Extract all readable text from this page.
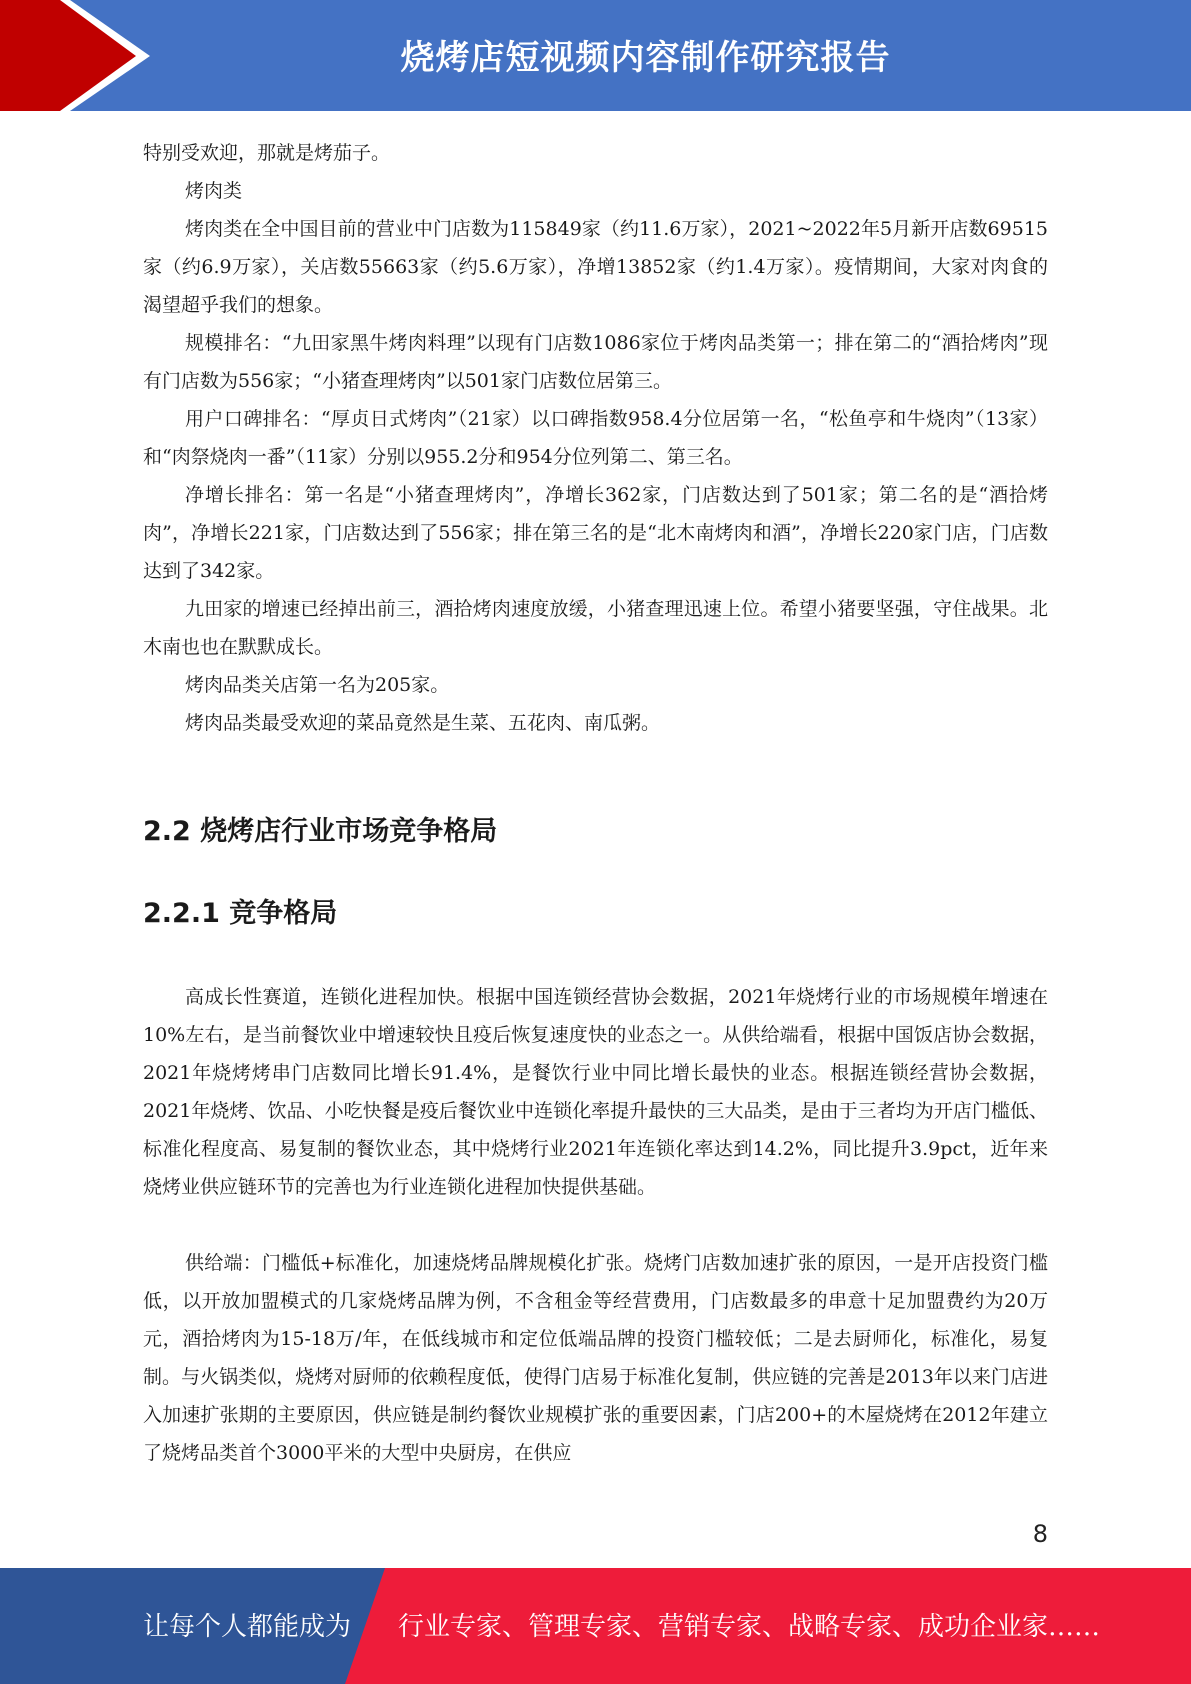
烧烤店短视频内容制作研究报告
特别受欢迎，那就是烤茄子。
烤肉类
烤肉类在全中国目前的营业中门店数为115849家（约11.6万家），2021~2022年5月新开店数69515家（约6.9万家），关店数55663家（约5.6万家），净增13852家（约1.4万家）。疫情期间，大家对肉食的渴望超乎我们的想象。
规模排名：“九田家黑牛烤肉料理”以现有门店数1086家位于烤肉品类第一；排在第二的“酒拾烤肉”现有门店数为556家；“小猪查理烤肉”以501家门店数位居第三。
用户口碑排名：“厚贞日式烤肉”（21家）以口碑指数958.4分位居第一名，“松鱼亭和牛烧肉”（13家）和“肉祭烧肉一番”（11家）分别以955.2分和954分位列第二、第三名。
净增长排名：第一名是“小猪查理烤肉”，净增长362家，门店数达到了501家；第二名的是“酒拾烤肉”，净增长221家，门店数达到了556家；排在第三名的是“北木南烤肉和酒”，净增长220家门店，门店数达到了342家。
九田家的增速已经掉出前三，酒拾烤肉速度放缓，小猪查理迅速上位。希望小猪要坚强，守住战果。北木南也也在默默成长。
烤肉品类关店第一名为205家。
烤肉品类最受欢迎的菜品竟然是生菜、五花肉、南瓜粥。
2.2 烧烤店行业市场竞争格局
2.2.1 竞争格局
高成长性赛道，连锁化进程加快。根据中国连锁经营协会数据，2021年烧烤行业的市场规模年增速在10%左右，是当前餐饮业中增速较快且疫后恢复速度快的业态之一。从供给端看，根据中国饭店协会数据，2021年烧烤烤串门店数同比增长91.4%，是餐饮行业中同比增长最快的业态。根据连锁经营协会数据，2021年烧烤、饮品、小吃快餐是疫后餐饮业中连锁化率提升最快的三大品类，是由于三者均为开店门槛低、标准化程度高、易复制的餐饮业态，其中烧烤行业2021年连锁化率达到14.2%，同比提升3.9pct，近年来烧烤业供应链环节的完善也为行业连锁化进程加快提供基础。
供给端：门槛低+标准化，加速烧烤品牌规模化扩张。烧烤门店数加速扩张的原因，一是开店投资门槛低，以开放加盟模式的几家烧烤品牌为例，不含租金等经营费用，门店数最多的串意十足加盟费约为20万元，酒拾烤肉为15-18万/年，在低线城市和定位低端品牌的投资门槛较低；二是去厨师化，标准化，易复制。与火锅类似，烧烤对厨师的依赖程度低，使得门店易于标准化复制，供应链的完善是2013年以来门店进入加速扩张期的主要原因，供应链是制约餐饮业规模扩张的重要因素，门店200+的木屋烧烤在2012年建立了烧烤品类首个3000平米的大型中央厨房，在供应
8
让每个人都能成为 行业专家、管理专家、营销专家、战略专家、成功企业家……
